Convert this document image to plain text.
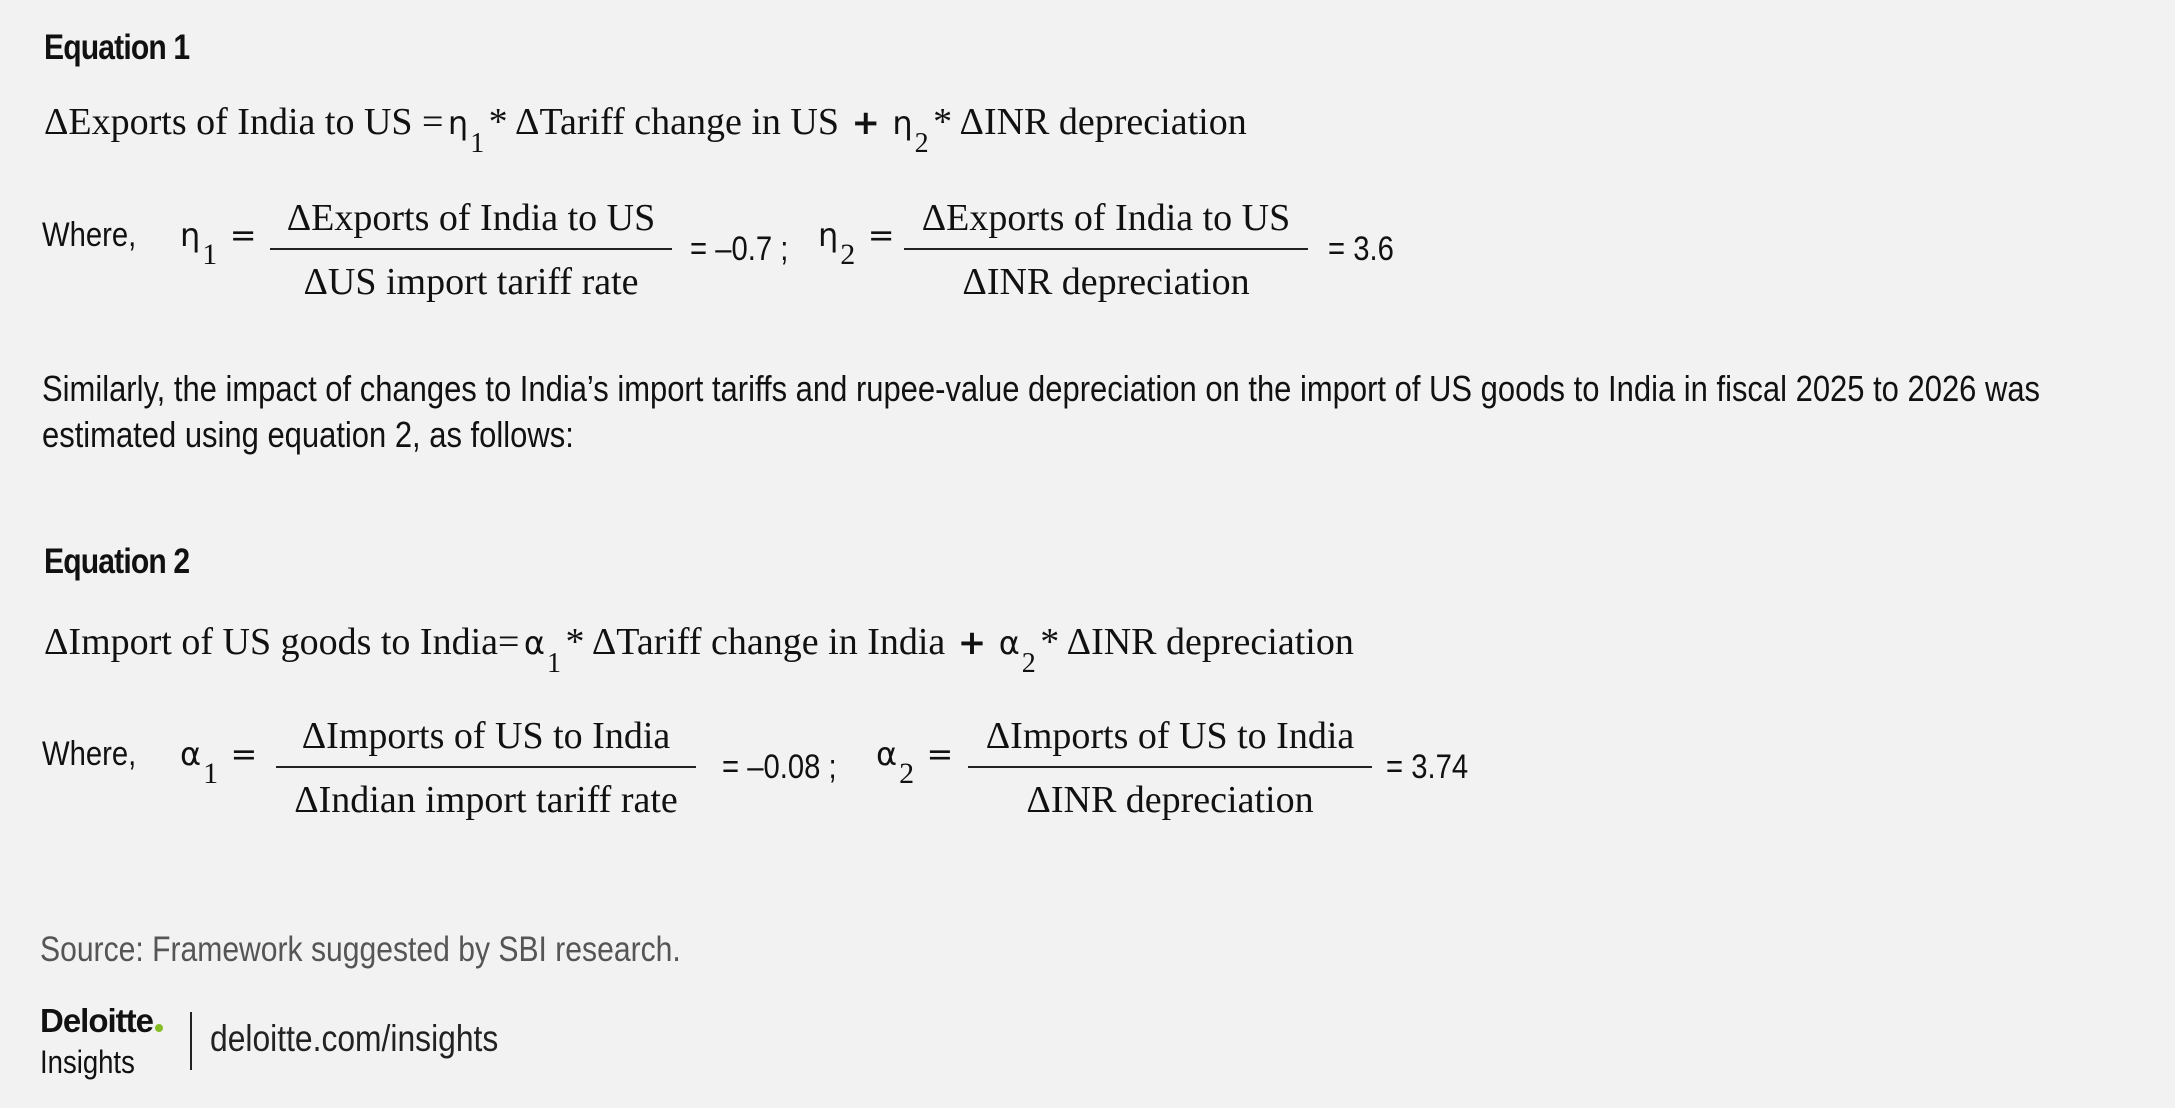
Equation 1
ΔExports of India to US = η1 * ΔTariff change in US + η2 * ΔINR depreciation
Where, η1 = ΔExports of India to US
ΔUS import tariff rate
= –0.7 ; η2 = ΔExports of India to US
ΔINR depreciation
= 3.6
Similarly, the impact of changes to India’s import tariffs and rupee-value depreciation on the import of US goods to India in fiscal 2025 to 2026 was estimated using equation 2, as follows:
Equation 2
ΔImport of US goods to India= α1 * ΔTariff change in India + α2 * ΔINR depreciation
Where, α1 =	ΔImports of US to India
ΔIndian import tariff rate
= –0.08 ; α2 = ΔImports of US to India
ΔINR depreciation
= 3.74
Source: Framework suggested by SBI research.
Deloitte
Insights
deloitte.com/insights
